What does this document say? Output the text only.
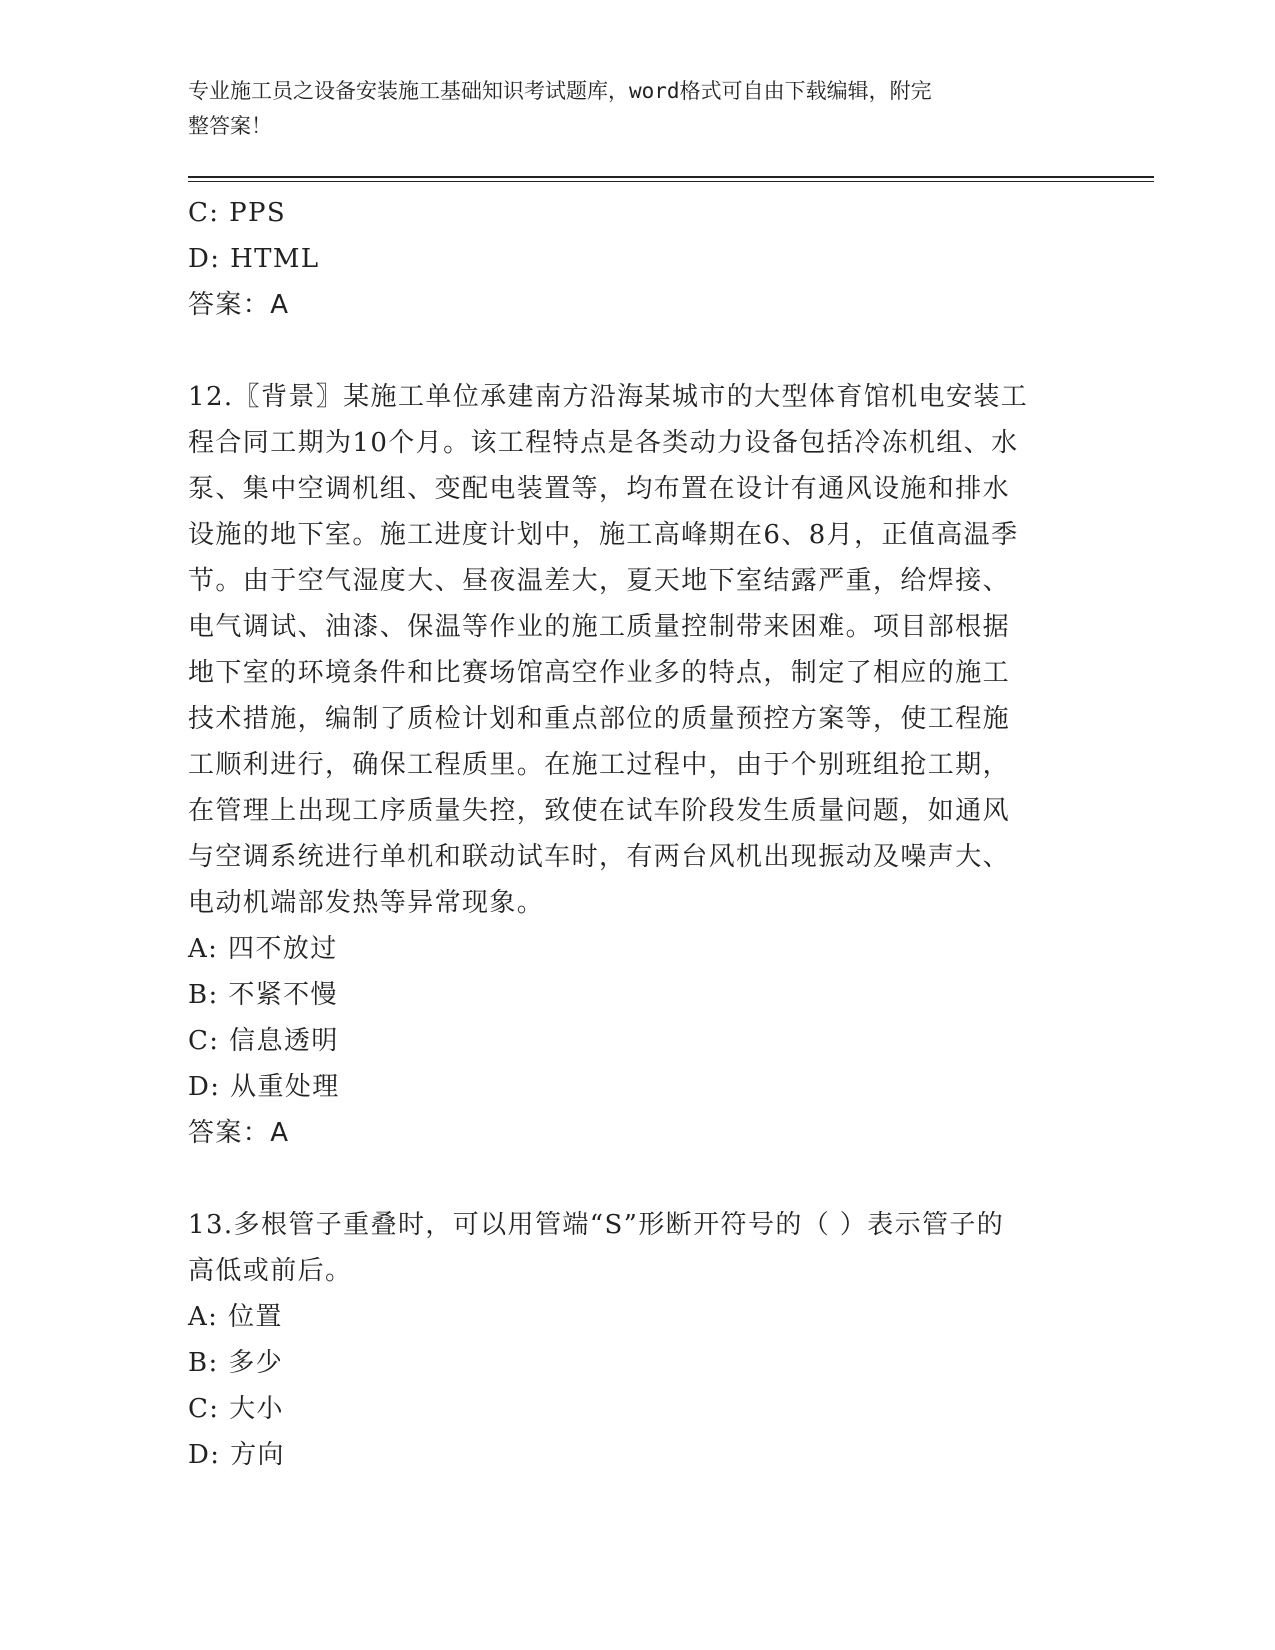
专业施工员之设备安装施工基础知识考试题库，word格式可自由下载编辑，附完
整答案！
C: PPS
D: HTML
答案：A
12.〖背景〗某施工单位承建南方沿海某城市的大型体育馆机电安装工
程合同工期为10个月。该工程特点是各类动力设备包括冷冻机组、水
泵、集中空调机组、变配电装置等，均布置在设计有通风设施和排水
设施的地下室。施工进度计划中，施工高峰期在6、8月，正值高温季
节。由于空气湿度大、昼夜温差大，夏天地下室结露严重，给焊接、
电气调试、油漆、保温等作业的施工质量控制带来困难。项目部根据
地下室的环境条件和比赛场馆高空作业多的特点，制定了相应的施工
技术措施，编制了质检计划和重点部位的质量预控方案等，使工程施
工顺利进行，确保工程质里。在施工过程中，由于个别班组抢工期，
在管理上出现工序质量失控，致使在试车阶段发生质量问题，如通风
与空调系统进行单机和联动试车时，有两台风机出现振动及噪声大、
电动机端部发热等异常现象。
A: 四不放过
B: 不紧不慢
C: 信息透明
D: 从重处理
答案：A
13.多根管子重叠时，可以用管端“S”形断开符号的（ ）表示管子的
高低或前后。
A: 位置
B: 多少
C: 大小
D: 方向
